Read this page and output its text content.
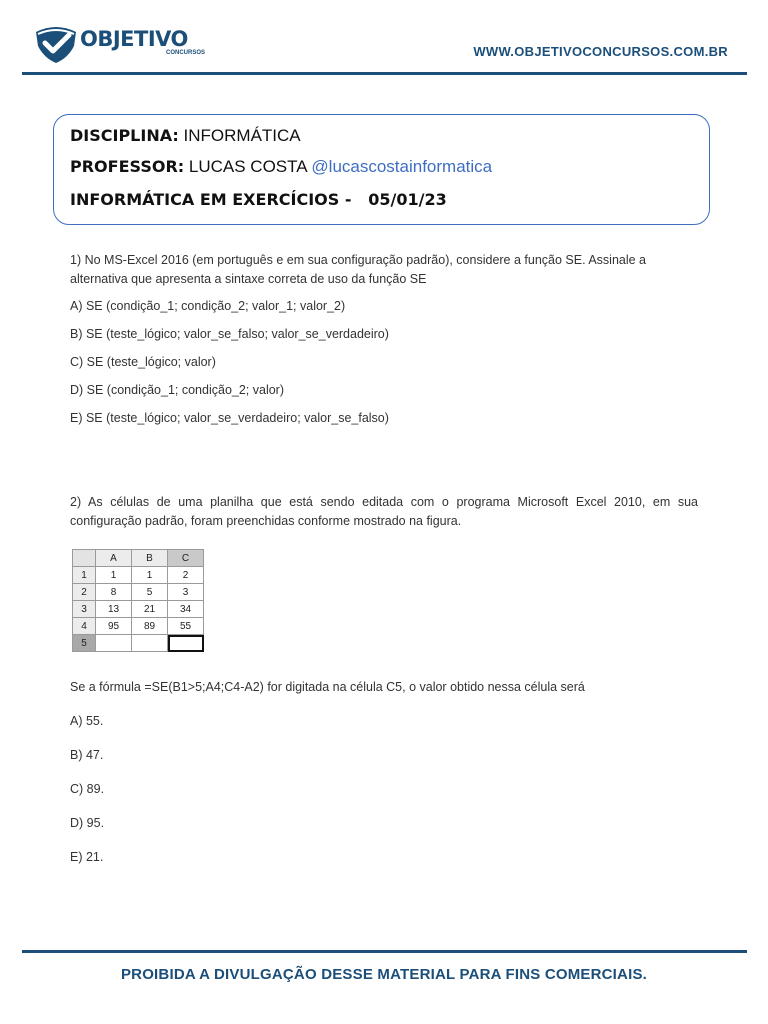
OBJETIVO
CONCURSOS	WWW.OBJETIVOCONCURSOS.COM.BR
DISCIPLINA: INFORMÁTICA
PROFESSOR: LUCAS COSTA @lucascostainformatica
INFORMÁTICA EM EXERCÍCIOS - 05/01/23
1) No MS-Excel 2016 (em português e em sua configuração padrão), considere a função SE. Assinale a alternativa que apresenta a sintaxe correta de uso da função SE
A) SE (condição_1; condição_2; valor_1; valor_2)
B) SE (teste_lógico; valor_se_falso; valor_se_verdadeiro)
C) SE (teste_lógico; valor)
D) SE (condição_1; condição_2; valor)
E) SE (teste_lógico; valor_se_verdadeiro; valor_se_falso)
2) As células de uma planilha que está sendo editada com o programa Microsoft Excel 2010, em sua configuração padrão, foram preenchidas conforme mostrado na figura.
	A	B	C
1	1	1	2
2	8	5	3
3	13	21	34
4	95	89	55
5			
Se a fórmula =SE(B1>5;A4;C4-A2) for digitada na célula C5, o valor obtido nessa célula será
A) 55.
B) 47.
C) 89.
D) 95.
E) 21.
PROIBIDA A DIVULGAÇÃO DESSE MATERIAL PARA FINS COMERCIAIS.
